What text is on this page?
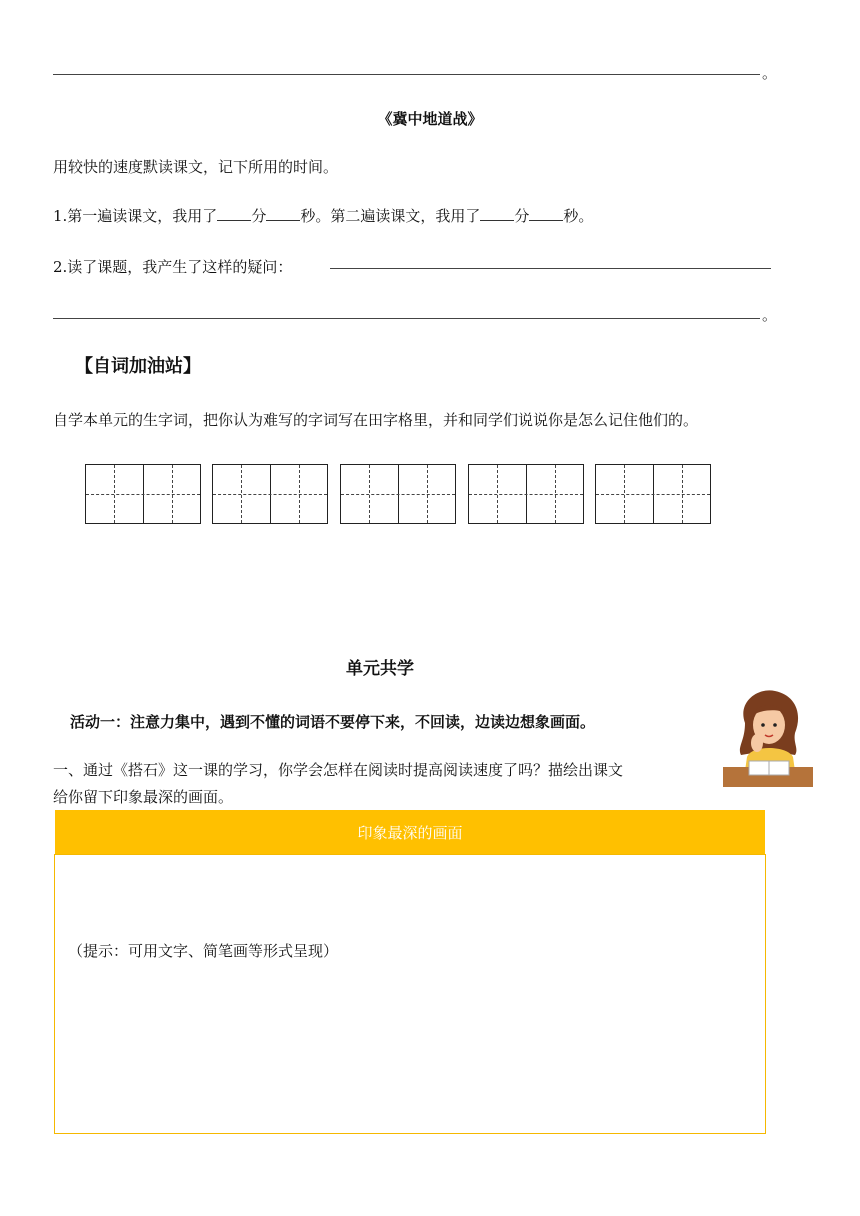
。
《冀中地道战》
用较快的速度默读课文，记下所用的时间。
1.第一遍读课文，我用了 分 秒。第二遍读课文，我用了 分 秒。
2.读了课题，我产生了这样的疑问：
。
【自词加油站】
自学本单元的生字词，把你认为难写的字词写在田字格里，并和同学们说说你是怎么记住他们的。
单元共学
活动一：注意力集中，遇到不懂的词语不要停下来，不回读，边读边想象画面。
一、通过《搭石》这一课的学习，你学会怎样在阅读时提高阅读速度了吗？描绘出课文
给你留下印象最深的画面。
印象最深的画面
（提示：可用文字、简笔画等形式呈现）
